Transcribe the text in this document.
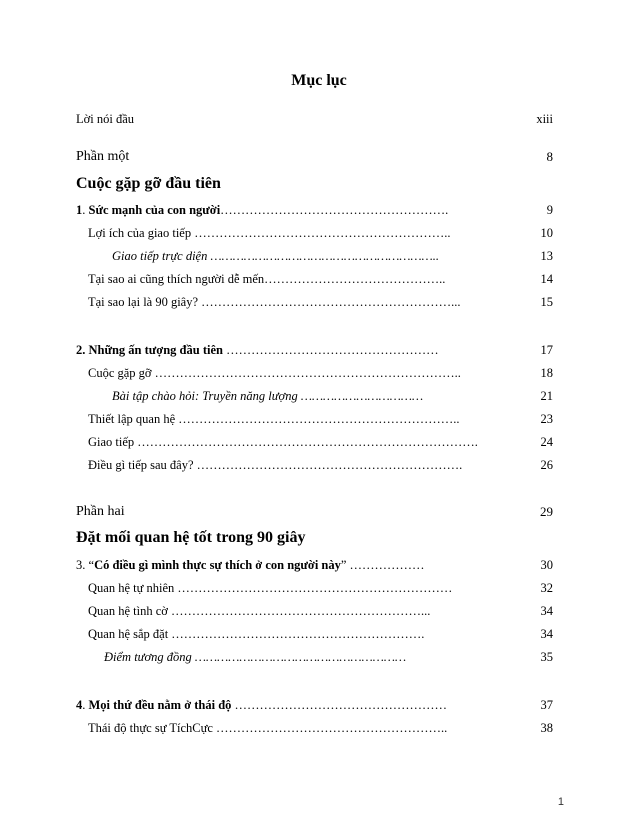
Mục lục
Lời nói đầu	xiii
Phần một	8
Cuộc gặp gỡ đầu tiên
1. Sức mạnh của con người……………………………………………….	9
Lợi ích của giao tiếp ……………………………………………………..	10
Giao tiếp trực diện ……………………………………………………..	13
Tại sao ai cũng thích người dễ mến……………………………………..	14
Tại sao lại là 90 giây? ……………………………………………………...	15
2. Những ấn tượng đầu tiên ……………………………………………	17
Cuộc gặp gỡ ………………………………………………………………..	18
Bài tập chào hỏi: Truyền năng lượng ……………………………	21
Thiết lập quan hệ …………………………………………………………..	23
Giao tiếp ……………………………………………………………………….	24
Điều gì tiếp sau đây? ……………………………………………………….	26
Phần hai	29
Đặt mối quan hệ tốt trong 90 giây
3. “Có điều gì mình thực sự thích ở con người này” ………………	30
Quan hệ tự nhiên …………………………………………………………	32
Quan hệ tình cờ ……………………………………………………...	34
Quan hệ sắp đặt …………………………………………………….	34
Điểm tương đồng …………………………………………………	35
4. Mọi thứ đều nằm ở thái độ ……………………………………………	37
Thái độ thực sự TíchCực ………………………………………………..	38
1
